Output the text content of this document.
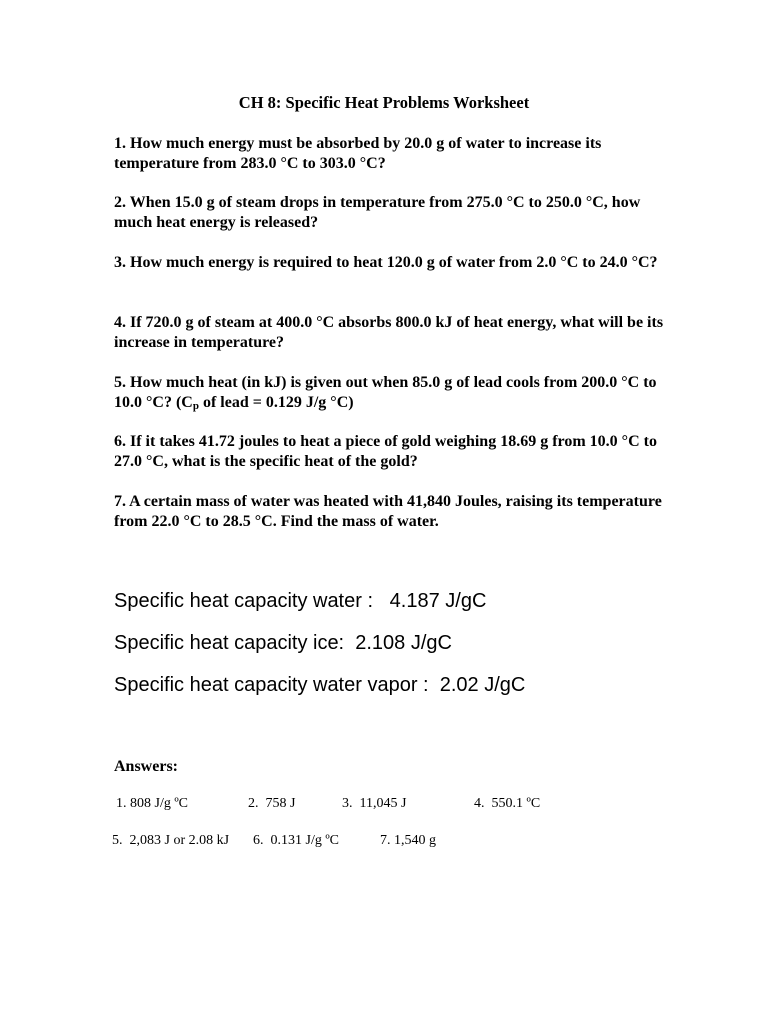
CH 8: Specific Heat Problems Worksheet

1. How much energy must be absorbed by 20.0 g of water to increase its temperature from 283.0 °C to 303.0 °C?

2. When 15.0 g of steam drops in temperature from 275.0 °C to 250.0 °C, how much heat energy is released?

3. How much energy is required to heat 120.0 g of water from 2.0 °C to 24.0 °C?

4. If 720.0 g of steam at 400.0 °C absorbs 800.0 kJ of heat energy, what will be its increase in temperature?

5. How much heat (in kJ) is given out when 85.0 g of lead cools from 200.0 °C to 10.0 °C? (Cp of lead = 0.129 J/g °C)

6. If it takes 41.72 joules to heat a piece of gold weighing 18.69 g from 10.0 °C to 27.0 °C, what is the specific heat of the gold?

7. A certain mass of water was heated with 41,840 Joules, raising its temperature from 22.0 °C to 28.5 °C. Find the mass of water.

Specific heat capacity water :   4.187 J/gC
Specific heat capacity ice:  2.108 J/gC
Specific heat capacity water vapor :  2.02 J/gC
Answers:
1. 808 J/g ºC	2.  758 J	3.  11,045 J	4.  550.1 ºC
5.  2,083 J or 2.08 kJ 6.  0.131 J/g ºC	7. 1,540 g
